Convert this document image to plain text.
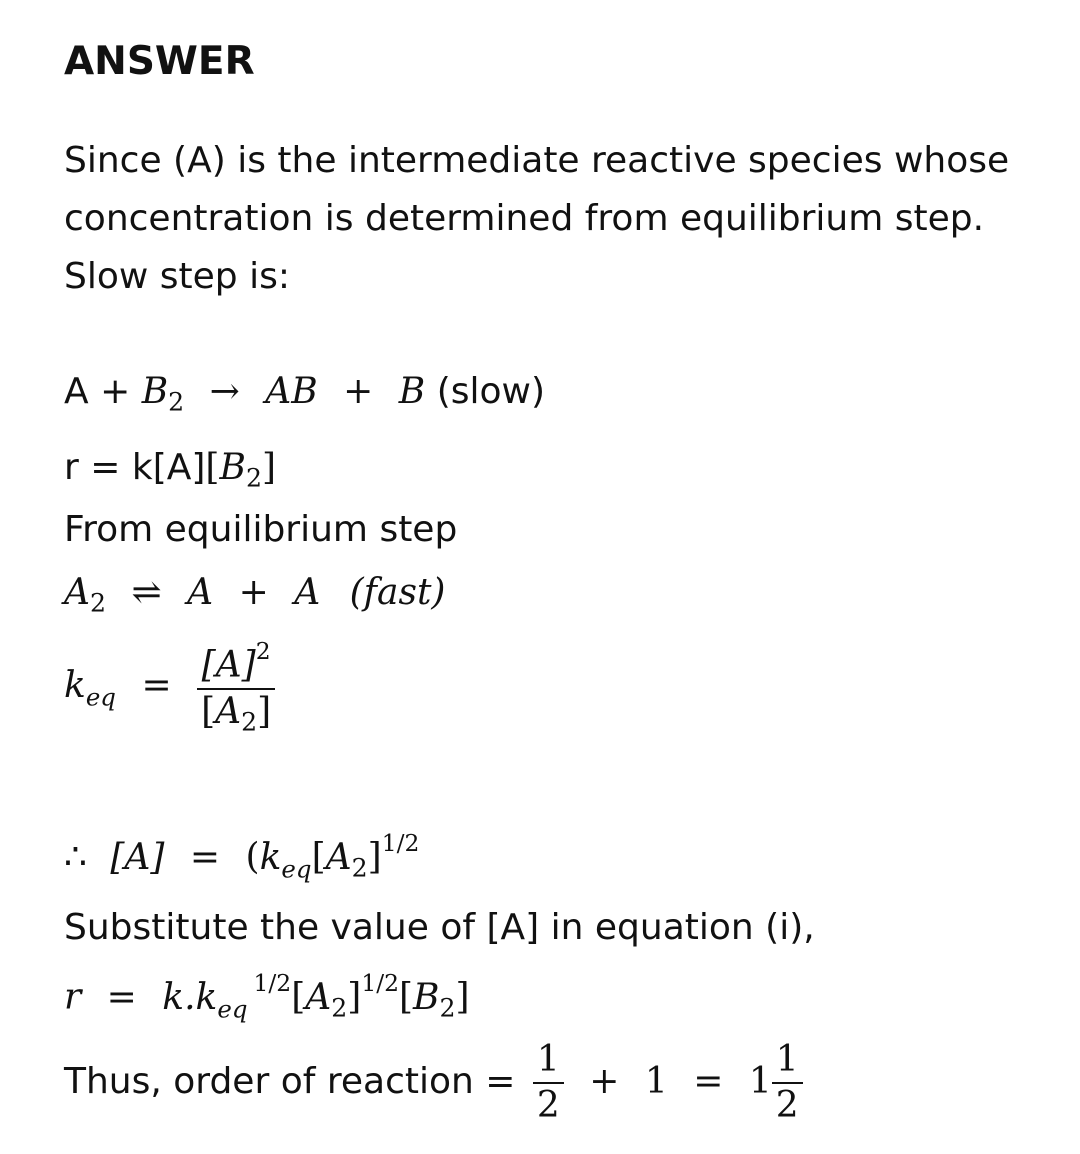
ANSWER
Since (A) is the intermediate reactive species whose concentration is determined from equilibrium step.
Slow step is:
$A + B_2$ → AB + B (slow)
$r = k[A][B_2]$
From equilibrium step
$A_2$ ⇌ A + A (fast)
$k_{eq} = \frac{[A]^2}{[A_2]}$
∴ $[A] = (k_{eq}[A_2]^{1/2}$
Substitute the value of [A] in equation (i),
$r = k.k_{eq}^{1/2}[A_2]^{1/2}[B_2]$
Thus, order of reaction = $\frac{1}{2} + 1 = 1 \frac{1}{2}$
